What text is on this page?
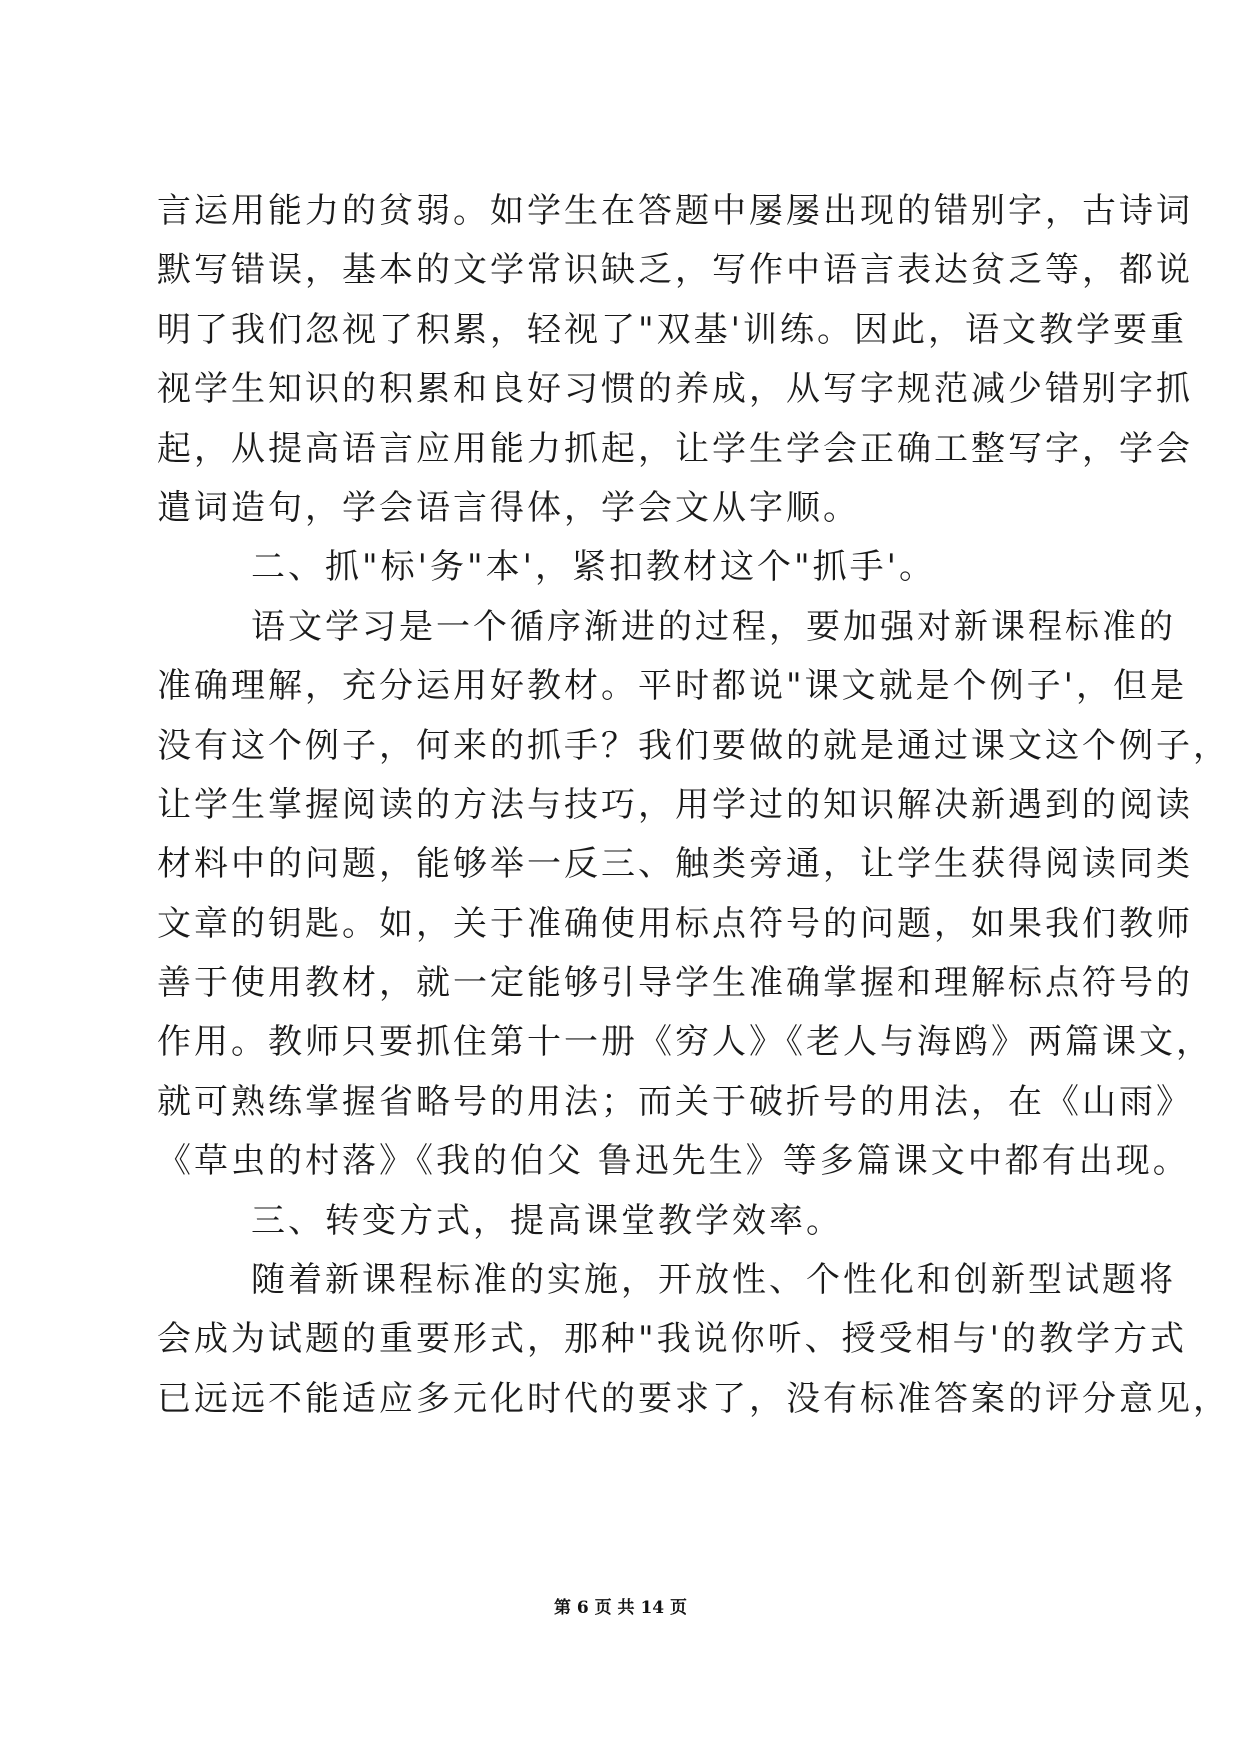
言运用能力的贫弱。如学生在答题中屡屡出现的错别字，古诗词
默写错误，基本的文学常识缺乏，写作中语言表达贫乏等，都说
明了我们忽视了积累，轻视了"双基'训练。因此，语文教学要重
视学生知识的积累和良好习惯的养成，从写字规范减少错别字抓
起，从提高语言应用能力抓起，让学生学会正确工整写字，学会
遣词造句，学会语言得体，学会文从字顺。
二、抓"标'务"本'，紧扣教材这个"抓手'。
语文学习是一个循序渐进的过程，要加强对新课程标准的
准确理解，充分运用好教材。平时都说"课文就是个例子'，但是
没有这个例子，何来的抓手？我们要做的就是通过课文这个例子，
让学生掌握阅读的方法与技巧，用学过的知识解决新遇到的阅读
材料中的问题，能够举一反三、触类旁通，让学生获得阅读同类
文章的钥匙。如，关于准确使用标点符号的问题，如果我们教师
善于使用教材，就一定能够引导学生准确掌握和理解标点符号的
作用。教师只要抓住第十一册《穷人》《老人与海鸥》两篇课文，
就可熟练掌握省略号的用法；而关于破折号的用法，在《山雨》
《草虫的村落》《我的伯父 鲁迅先生》等多篇课文中都有出现。
三、转变方式，提高课堂教学效率。
随着新课程标准的实施，开放性、个性化和创新型试题将
会成为试题的重要形式，那种"我说你听、授受相与'的教学方式
已远远不能适应多元化时代的要求了，没有标准答案的评分意见，
第 6 页 共 14 页
